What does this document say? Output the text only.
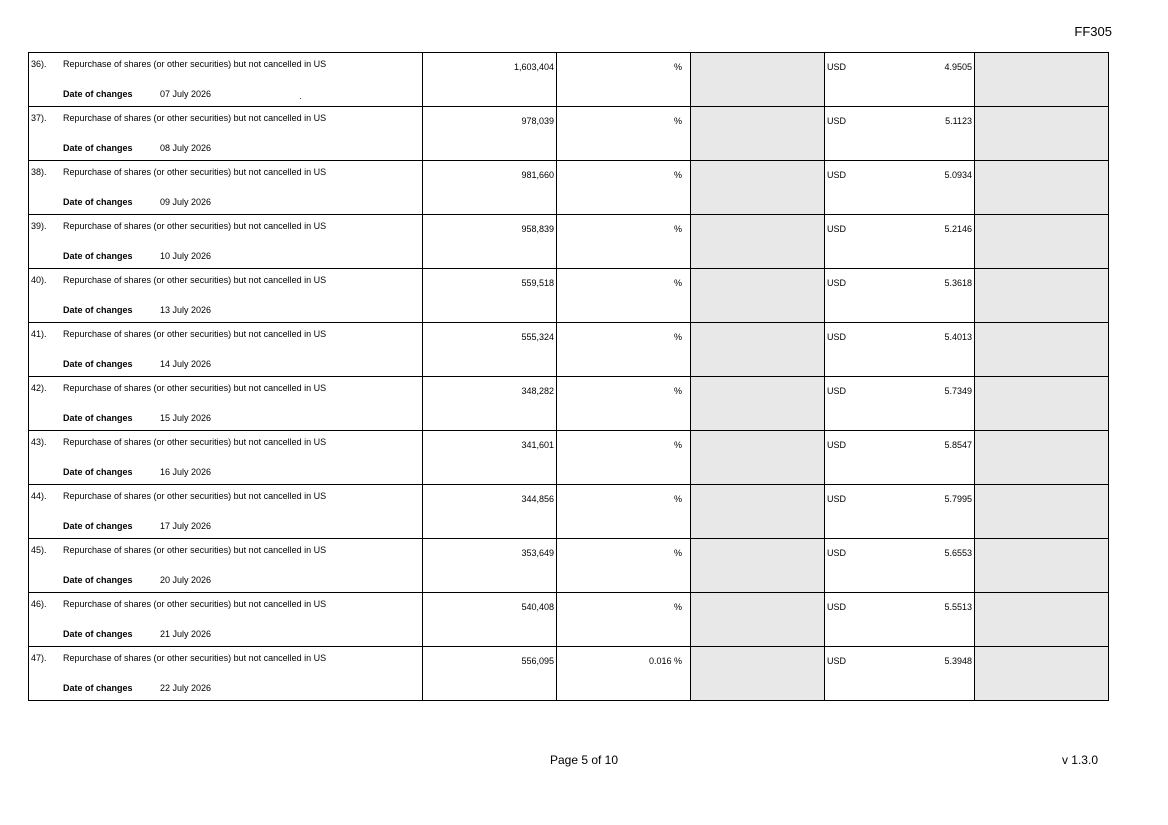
FF305
36). Repurchase of shares (or other securities) but not cancelled in US
Date of changes 07 July 2026	1,603,404	%		USD 4.9505	

37). Repurchase of shares (or other securities) but not cancelled in US
Date of changes 08 July 2026	978,039	%		USD 5.1123	

38). Repurchase of shares (or other securities) but not cancelled in US
Date of changes 09 July 2026	981,660	%		USD 5.0934	

39). Repurchase of shares (or other securities) but not cancelled in US
Date of changes 10 July 2026	958,839	%		USD 5.2146	

40). Repurchase of shares (or other securities) but not cancelled in US
Date of changes 13 July 2026	559,518	%		USD 5.3618	

41). Repurchase of shares (or other securities) but not cancelled in US
Date of changes 14 July 2026	555,324	%		USD 5.4013	

42). Repurchase of shares (or other securities) but not cancelled in US
Date of changes 15 July 2026	348,282	%		USD 5.7349	

43). Repurchase of shares (or other securities) but not cancelled in US
Date of changes 16 July 2026	341,601	%		USD 5.8547	

44). Repurchase of shares (or other securities) but not cancelled in US
Date of changes 17 July 2026	344,856	%		USD 5.7995	

45). Repurchase of shares (or other securities) but not cancelled in US
Date of changes 20 July 2026	353,649	%		USD 5.6553	

46). Repurchase of shares (or other securities) but not cancelled in US
Date of changes 21 July 2026	540,408	%		USD 5.5513	

47). Repurchase of shares (or other securities) but not cancelled in US
Date of changes 22 July 2026	556,095	0.016 %		USD 5.3948	

Page 5 of 10	v 1.3.0
